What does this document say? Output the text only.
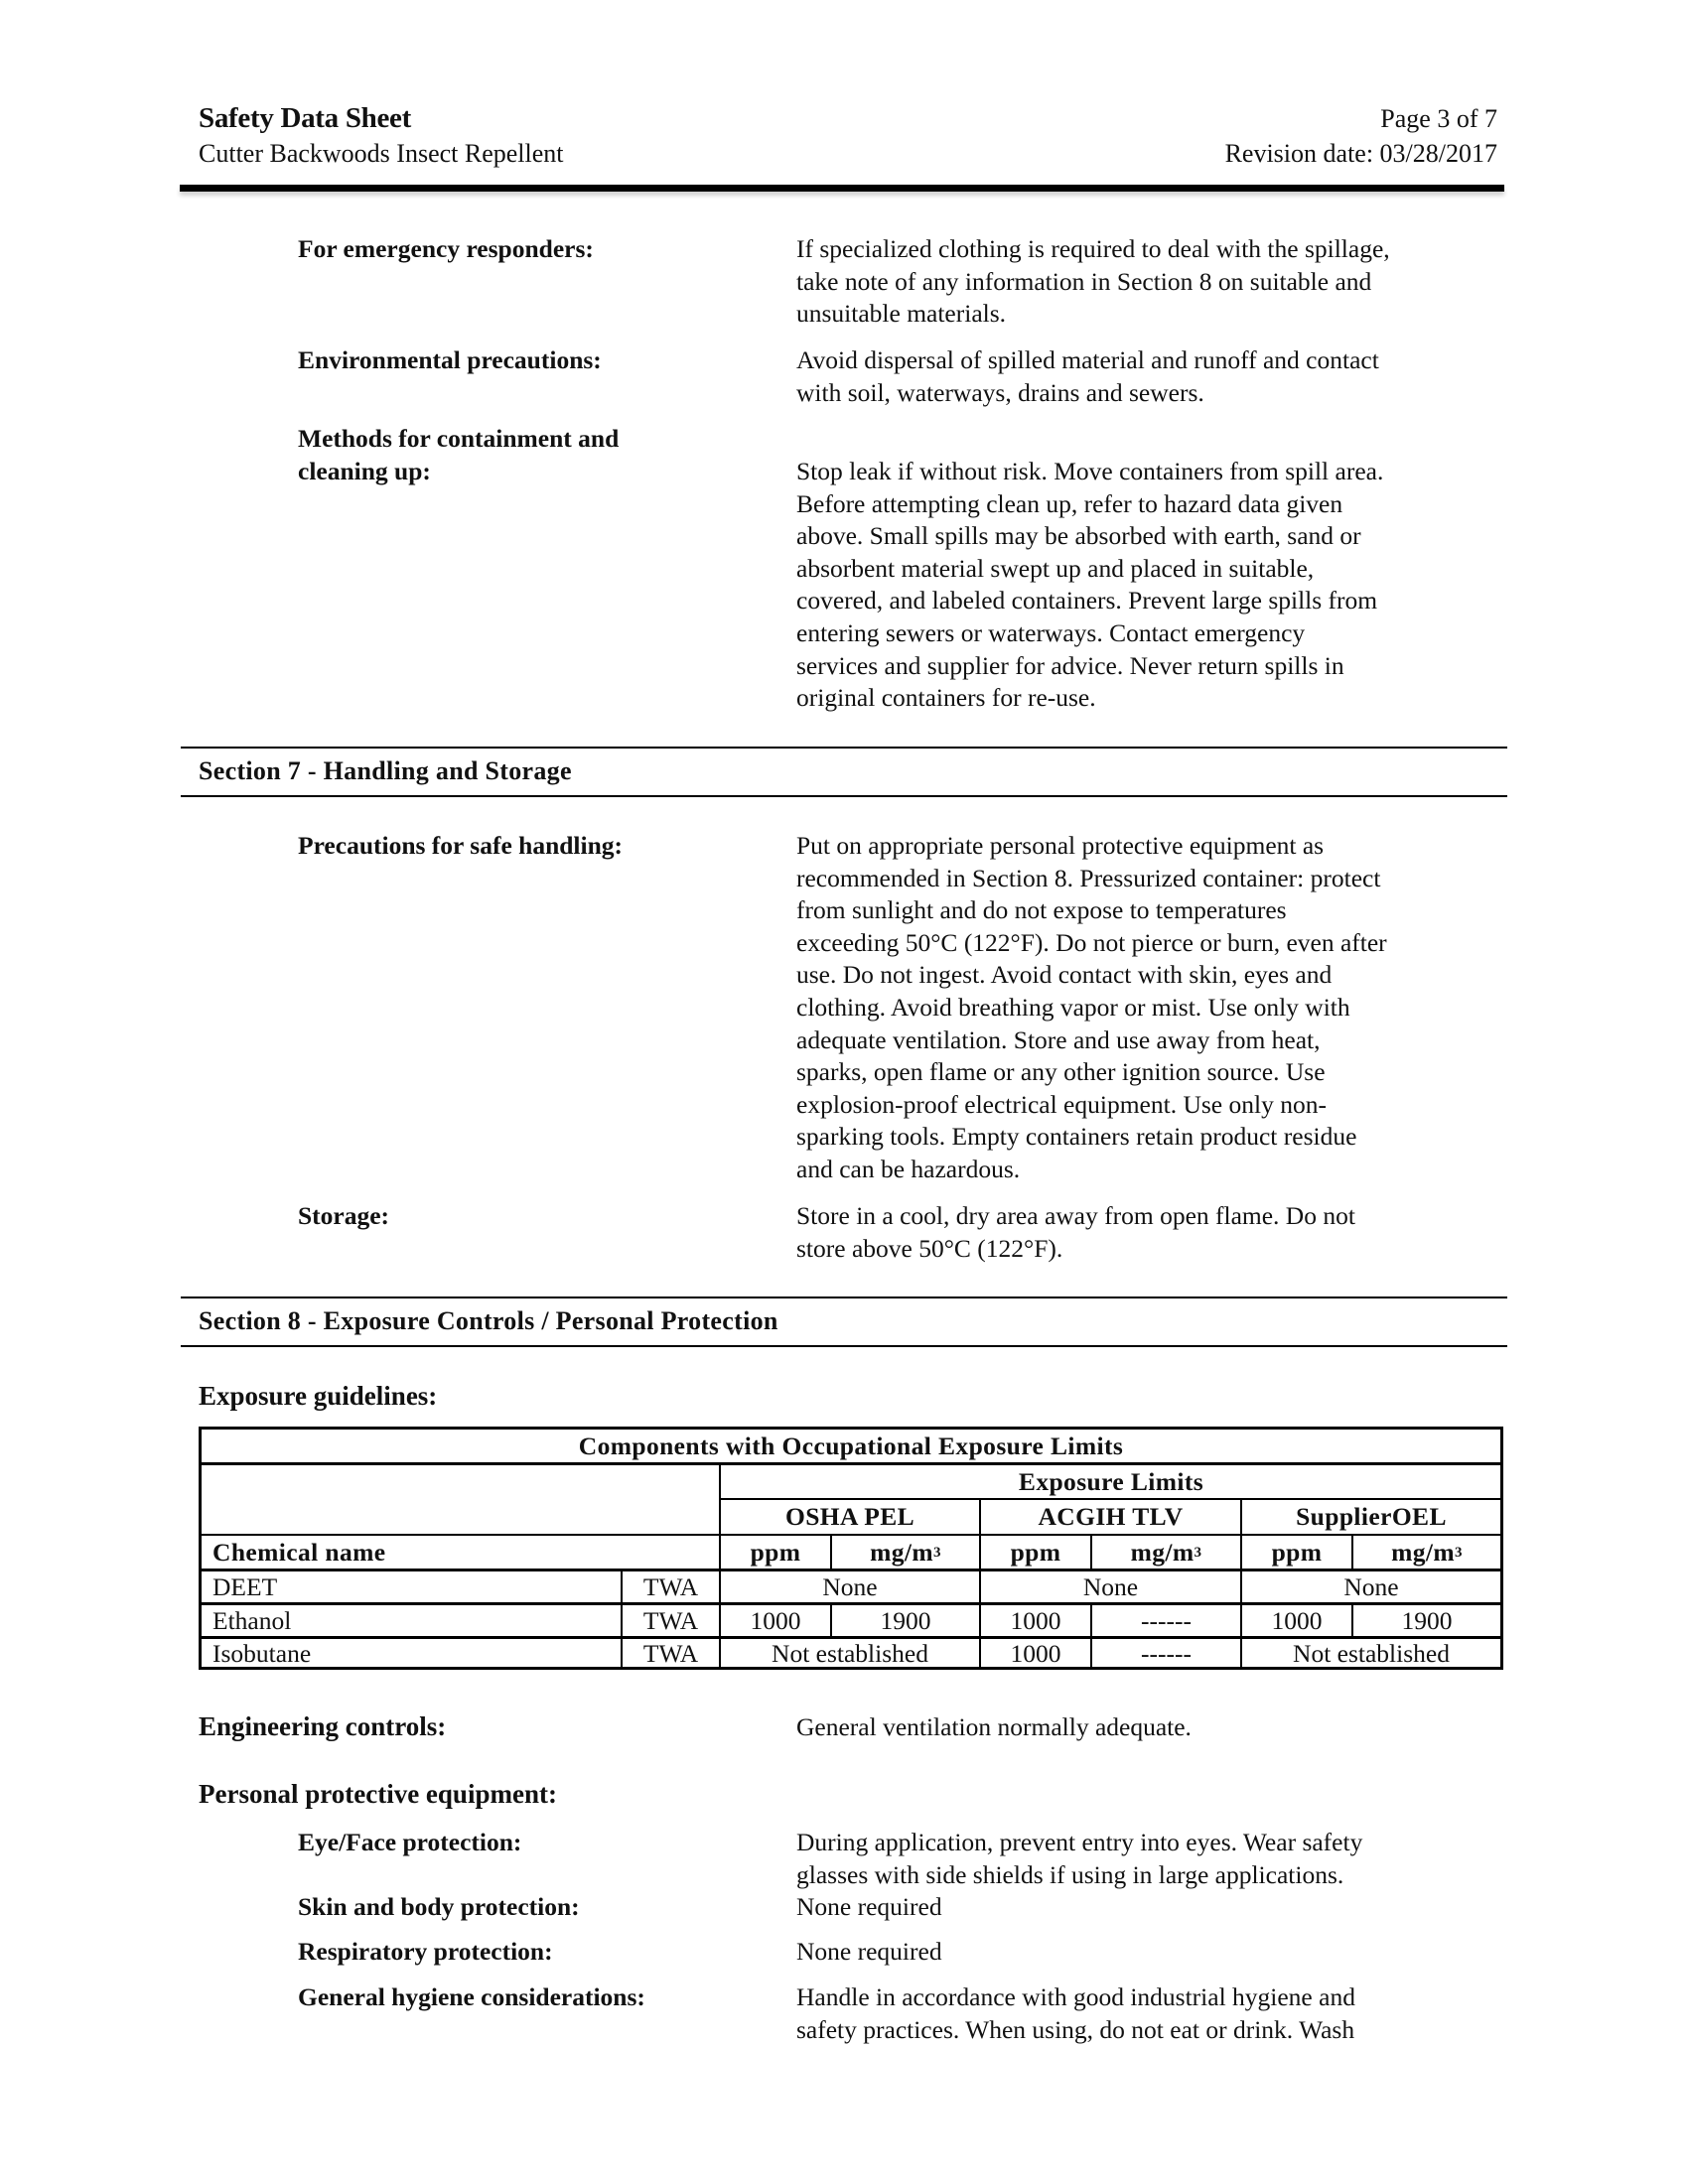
Safety Data Sheet
Cutter Backwoods Insect Repellent
Page 3 of 7
Revision date: 03/28/2017
For emergency responders:	If specialized clothing is required to deal with the spillage,
take note of any information in Section 8 on suitable and
unsuitable materials.
Environmental precautions:	Avoid dispersal of spilled material and runoff and contact
with soil, waterways, drains and sewers.
Methods for containment and
cleaning up:	Stop leak if without risk. Move containers from spill area.
Before attempting clean up, refer to hazard data given
above. Small spills may be absorbed with earth, sand or
absorbent material swept up and placed in suitable,
covered, and labeled containers. Prevent large spills from
entering sewers or waterways. Contact emergency
services and supplier for advice. Never return spills in
original containers for re-use.
Section 7 - Handling and Storage
Precautions for safe handling:	Put on appropriate personal protective equipment as
recommended in Section 8. Pressurized container: protect
from sunlight and do not expose to temperatures
exceeding 50°C (122°F). Do not pierce or burn, even after
use. Do not ingest. Avoid contact with skin, eyes and
clothing. Avoid breathing vapor or mist. Use only with
adequate ventilation. Store and use away from heat,
sparks, open flame or any other ignition source. Use
explosion-proof electrical equipment. Use only non-
sparking tools. Empty containers retain product residue
and can be hazardous.
Storage:	Store in a cool, dry area away from open flame. Do not
store above 50°C (122°F).
Section 8 - Exposure Controls / Personal Protection
Exposure guidelines:
Components with Occupational Exposure Limits
Exposure Limits
OSHA PEL	ACGIH TLV	SupplierOEL
Chemical name	ppm	mg/m 3	ppm	mg/m 3	ppm	mg/m 3
DEET	TWA	None	None	None
Ethanol	TWA	1000	1900	1000	------	1000	1900
Isobutane	TWA	Not established	1000	------	Not established
Engineering controls:	General ventilation normally adequate.
Personal protective equipment:
Eye/Face protection:	During application, prevent entry into eyes. Wear safety
glasses with side shields if using in large applications.
Skin and body protection:	None required
Respiratory protection:	None required
General hygiene considerations:	Handle in accordance with good industrial hygiene and
safety practices. When using, do not eat or drink. Wash
